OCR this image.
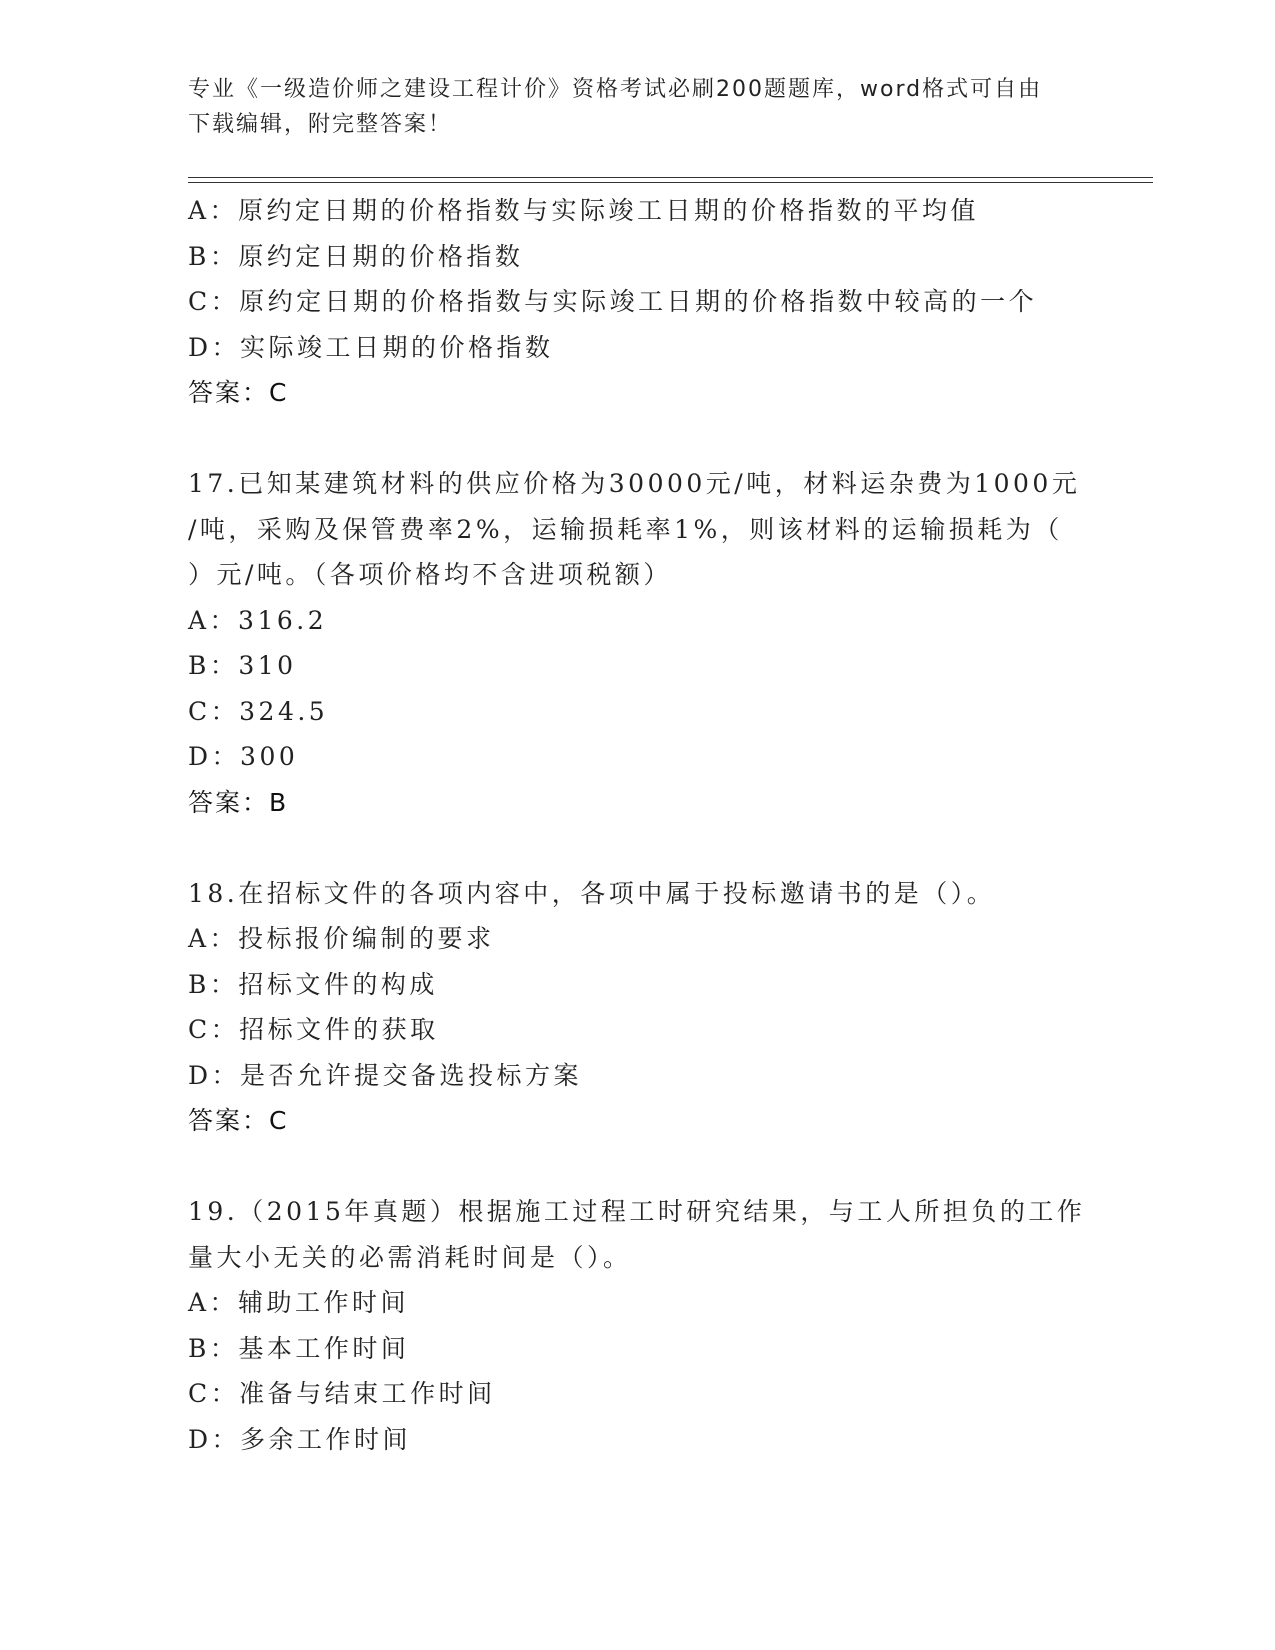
专业《一级造价师之建设工程计价》资格考试必刷200题题库，word格式可自由
下载编辑，附完整答案！
A：原约定日期的价格指数与实际竣工日期的价格指数的平均值
B：原约定日期的价格指数
C：原约定日期的价格指数与实际竣工日期的价格指数中较高的一个
D：实际竣工日期的价格指数
答案：C
17.已知某建筑材料的供应价格为30000元/吨，材料运杂费为1000元
/吨，采购及保管费率2%，运输损耗率1%，则该材料的运输损耗为（
）元/吨。（各项价格均不含进项税额）
A：316.2
B：310
C：324.5
D：300
答案：B
18.在招标文件的各项内容中，各项中属于投标邀请书的是（）。
A：投标报价编制的要求
B：招标文件的构成
C：招标文件的获取
D：是否允许提交备选投标方案
答案：C
19.（2015年真题）根据施工过程工时研究结果，与工人所担负的工作
量大小无关的必需消耗时间是（）。
A：辅助工作时间
B：基本工作时间
C：准备与结束工作时间
D：多余工作时间
